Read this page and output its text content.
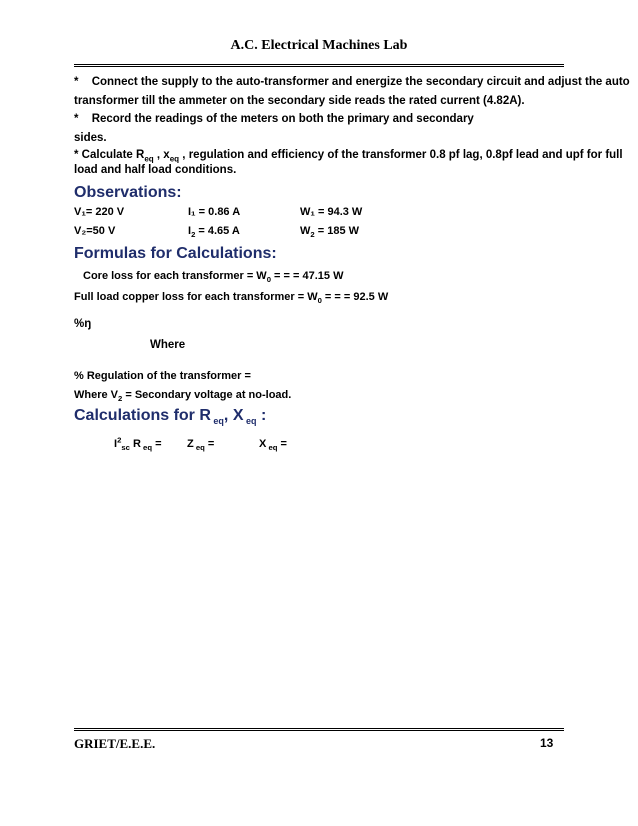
A.C. Electrical Machines Lab
* Connect the supply to the auto-transformer and energize the secondary circuit and adjust the auto
transformer till the ammeter on the secondary side reads the rated current (4.82A).
* Record the readings of the meters on both the primary and secondary
sides.
* Calculate $R_{eq}$ , $x_{eq}$ , regulation and efficiency of the transformer 0.8 pf lag, 0.8pf lead and upf for full
load and half load conditions.
Observations:
V₁= 220 V	I₁ = 0.86 A	W₁ = 94.3 W
V₂=50 V	$I_2 = 4.65$ A	$W_2 = 185$ W
Formulas for Calculations:
Core loss for each transformer = $W_0$ = = = 47.15 W
Full load copper loss for each transformer = $W_0$ = = = 92.5 W
%ŋ
Where
% Regulation of the transformer =
Where $V_2$ = Secondary voltage at no-load.
Calculations for R $_{eq}$, X $_{eq}$ :
$I^2_{sc}$ R $_{eq}$ = Z $_{eq}$ =	X $_{eq}$ =
GRIET/E.E.E.	13
